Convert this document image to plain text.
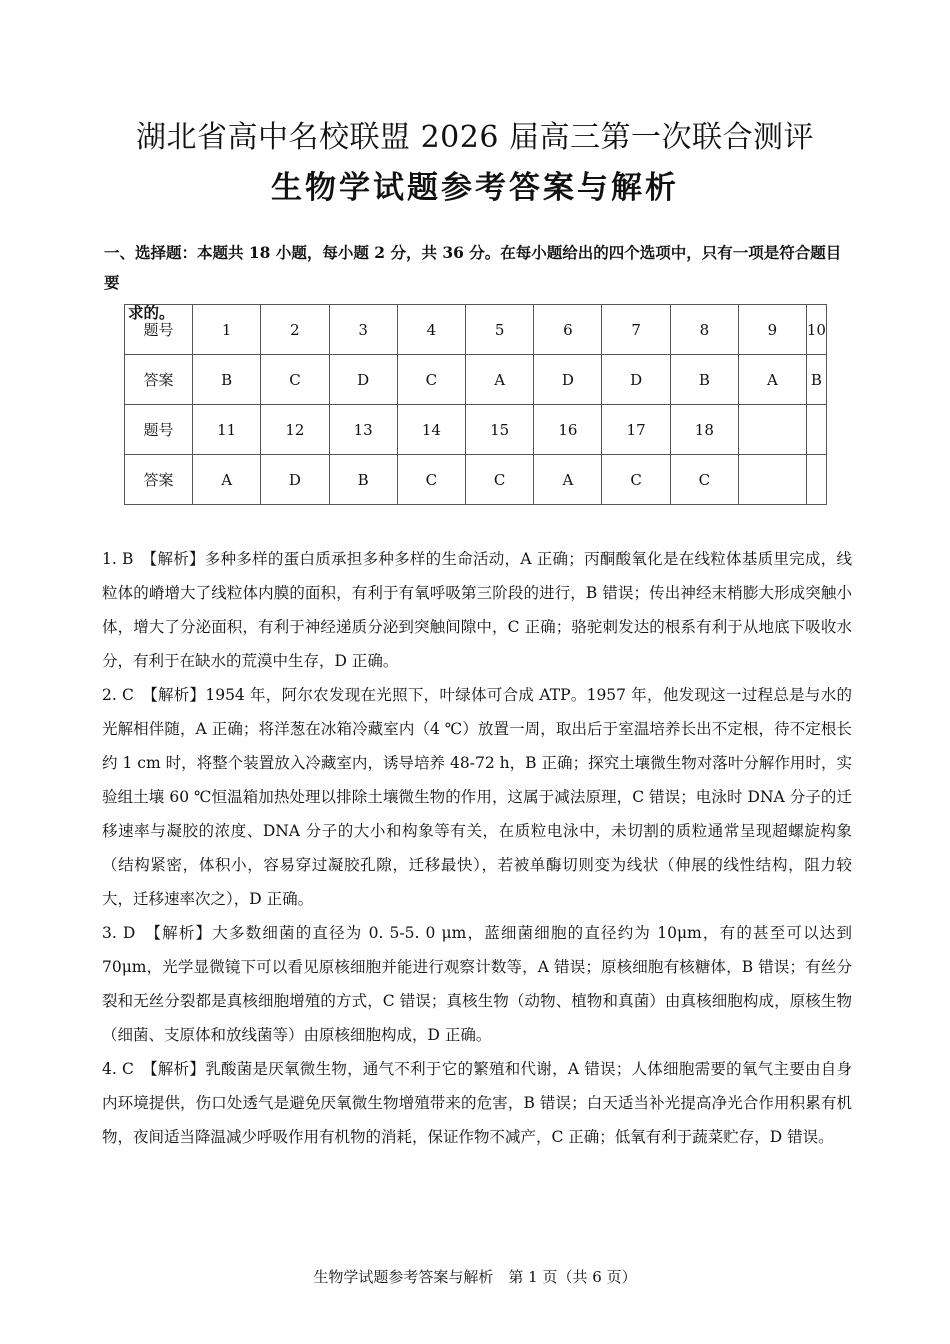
湖北省高中名校联盟 2026 届高三第一次联合测评
生物学试题参考答案与解析
一、选择题：本题共 18 小题，每小题 2 分，共 36 分。在每小题给出的四个选项中，只有一项是符合题目要
求的。
题号	1	2	3	4	5	6	7	8	9	10
答案	B	C	D	C	A	D	D	B	A	B
题号	11	12	13	14	15	16	17	18		
答案	A	D	B	C	C	A	C	C		
1. B　【解析】多种多样的蛋白质承担多种多样的生命活动，A 正确；丙酮酸氧化是在线粒体基质里完成，线粒体的嵴增大了线粒体内膜的面积，有利于有氧呼吸第三阶段的进行，B 错误；传出神经末梢膨大形成突触小体，增大了分泌面积，有利于神经递质分泌到突触间隙中，C 正确；骆驼刺发达的根系有利于从地底下吸收水分，有利于在缺水的荒漠中生存，D 正确。
2. C　【解析】1954 年，阿尔农发现在光照下，叶绿体可合成 ATP。1957 年，他发现这一过程总是与水的光解相伴随，A 正确；将洋葱在冰箱冷藏室内（4 ℃）放置一周，取出后于室温培养长出不定根，待不定根长约 1 cm 时，将整个装置放入冷藏室内，诱导培养 48-72 h，B 正确；探究土壤微生物对落叶分解作用时，实验组土壤 60 ℃恒温箱加热处理以排除土壤微生物的作用，这属于减法原理，C 错误；电泳时 DNA 分子的迁移速率与凝胶的浓度、DNA 分子的大小和构象等有关，在质粒电泳中，未切割的质粒通常呈现超螺旋构象（结构紧密，体积小，容易穿过凝胶孔隙，迁移最快），若被单酶切则变为线状（伸展的线性结构，阻力较大，迁移速率次之），D 正确。
3. D　【解析】大多数细菌的直径为 0. 5-5. 0 μm，蓝细菌细胞的直径约为 10μm，有的甚至可以达到 70μm，光学显微镜下可以看见原核细胞并能进行观察计数等，A 错误；原核细胞有核糖体，B 错误；有丝分裂和无丝分裂都是真核细胞增殖的方式，C 错误；真核生物（动物、植物和真菌）由真核细胞构成，原核生物（细菌、支原体和放线菌等）由原核细胞构成，D 正确。
4. C　【解析】乳酸菌是厌氧微生物，通气不利于它的繁殖和代谢，A 错误；人体细胞需要的氧气主要由自身内环境提供，伤口处透气是避免厌氧微生物增殖带来的危害，B 错误；白天适当补光提高净光合作用积累有机物，夜间适当降温减少呼吸作用有机物的消耗，保证作物不减产，C 正确；低氧有利于蔬菜贮存，D 错误。
生物学试题参考答案与解析　第 1 页（共 6 页）
